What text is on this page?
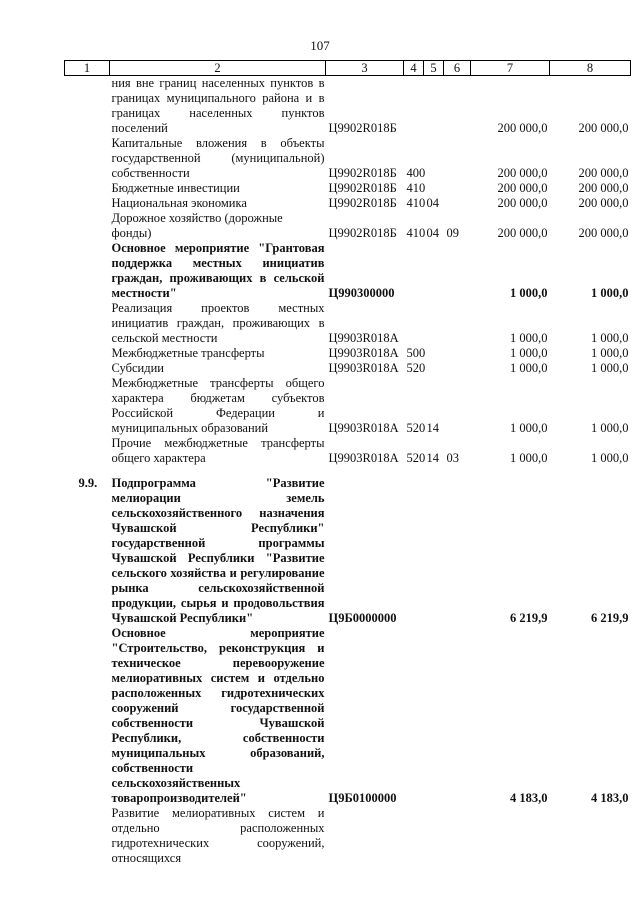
107
1	2	3	4	5	6	7	8
	ния вне границ населенных пунктов в границах муниципального района и в границах населенных пунктов поселений	Ц9902R018Б				200 000,0	200 000,0
	Капитальные вложения в объекты государственной (муниципальной) собственности	Ц9902R018Б	400			200 000,0	200 000,0
	Бюджетные инвестиции	Ц9902R018Б	410			200 000,0	200 000,0
	Национальная экономика	Ц9902R018Б	410	04		200 000,0	200 000,0
	Дорожное хозяйство (дорожные фонды)	Ц9902R018Б	410	04	09	200 000,0	200 000,0
	Основное мероприятие "Грантовая поддержка местных инициатив граждан, проживающих в сельской местности"	Ц990300000				1 000,0	1 000,0
	Реализация проектов местных инициатив граждан, проживающих в сельской местности	Ц9903R018А				1 000,0	1 000,0
	Межбюджетные трансферты	Ц9903R018А	500			1 000,0	1 000,0
	Субсидии	Ц9903R018А	520			1 000,0	1 000,0
	Межбюджетные трансферты общего характера бюджетам субъектов Российской Федерации и муниципальных образований	Ц9903R018А	520	14		1 000,0	1 000,0
	Прочие межбюджетные трансферты общего характера	Ц9903R018А	520	14	03	1 000,0	1 000,0

9.9.	Подпрограмма "Развитие мелиорации земель сельскохозяйственного назначения Чувашской Республики" государственной программы Чувашской Республики "Развитие сельского хозяйства и регулирование рынка сельскохозяйственной продукции, сырья и продовольствия Чувашской Республики"	Ц9Б0000000				6 219,9	6 219,9
	Основное мероприятие "Строительство, реконструкция и техническое перевооружение мелиоративных систем и отдельно расположенных гидротехнических сооружений государственной собственности Чувашской Республики, собственности муниципальных образований, собственности сельскохозяйственных товаропроизводителей"	Ц9Б0100000				4 183,0	4 183,0
	Развитие мелиоративных систем и отдельно расположенных гидротехнических сооружений, относящихся						
